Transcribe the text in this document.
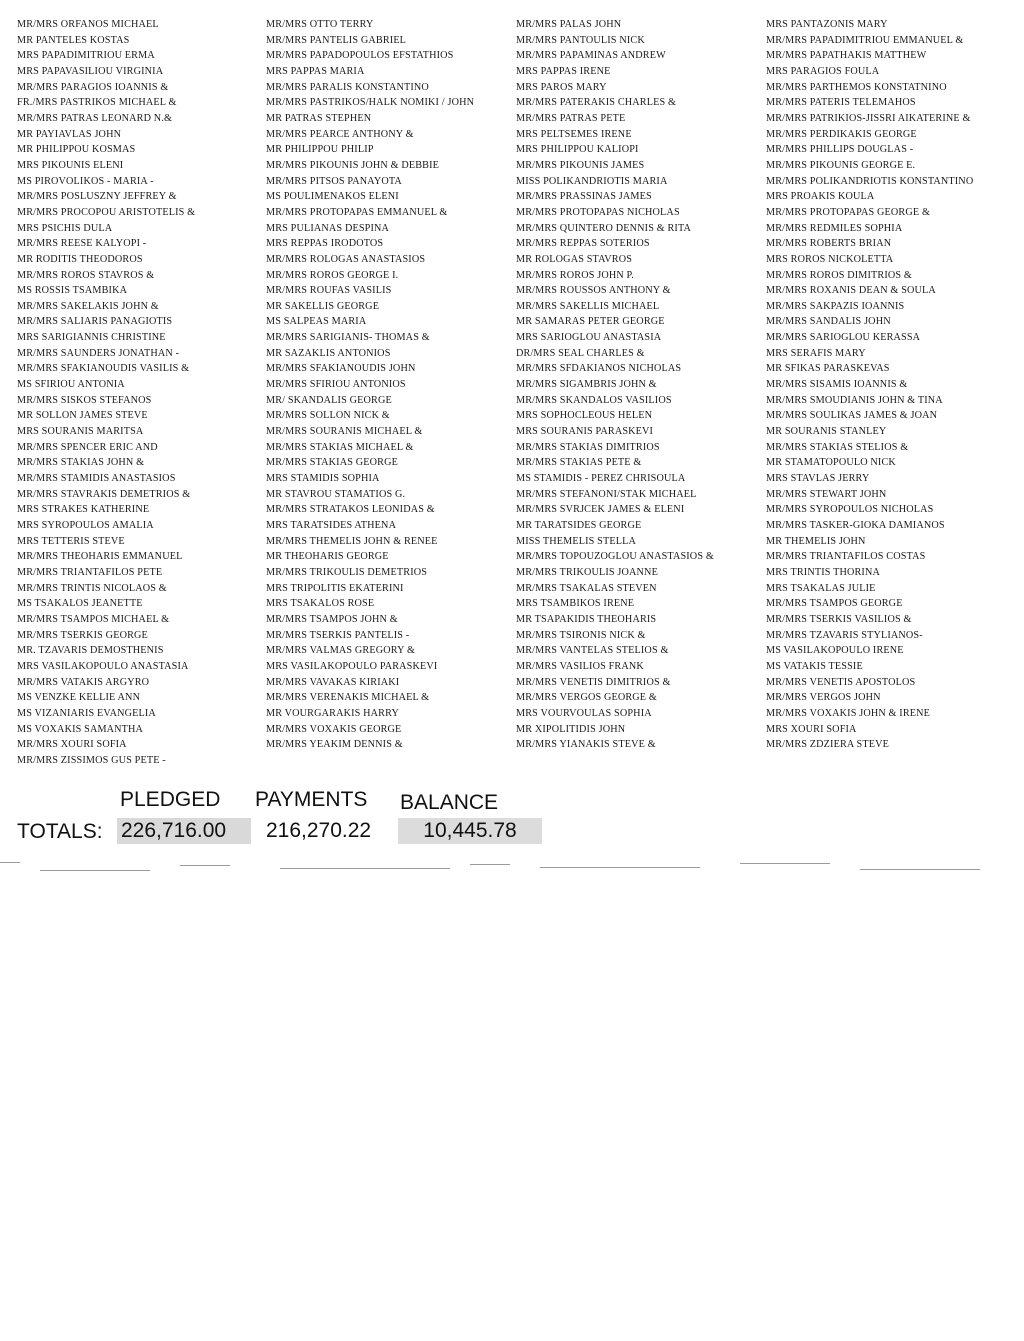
MR/MRS ORFANOS MICHAEL
MR PANTELES KOSTAS
MRS PAPADIMITRIOU ERMA
MRS PAPAVASILIOU VIRGINIA
MR/MRS PARAGIOS IOANNIS &
FR./MRS PASTRIKOS MICHAEL &
MR/MRS PATRAS LEONARD N.&
MR PAYIAVLAS JOHN
MR PHILIPPOU KOSMAS
MRS PIKOUNIS ELENI
MS PIROVOLIKOS - MARIA -
MR/MRS POSLUSZNY JEFFREY &
MR/MRS PROCOPOU ARISTOTELIS &
MRS PSICHIS DULA
MR/MRS REESE KALYOPI -
MR RODITIS THEODOROS
MR/MRS ROROS STAVROS &
MS ROSSIS TSAMBIKA
MR/MRS SAKELAKIS JOHN &
MR/MRS SALIARIS PANAGIOTIS
MRS SARIGIANNIS CHRISTINE
MR/MRS SAUNDERS JONATHAN -
MR/MRS SFAKIANOUDIS VASILIS &
MS SFIRIOU ANTONIA
MR/MRS SISKOS STEFANOS
MR SOLLON JAMES STEVE
MRS SOURANIS MARITSA
MR/MRS SPENCER ERIC AND
MR/MRS STAKIAS JOHN &
MR/MRS STAMIDIS ANASTASIOS
MR/MRS STAVRAKIS DEMETRIOS &
MRS STRAKES KATHERINE
MRS SYROPOULOS AMALIA
MRS TETTERIS STEVE
MR/MRS THEOHARIS EMMANUEL
MR/MRS TRIANTAFILOS PETE
MR/MRS TRINTIS NICOLAOS &
MS TSAKALOS JEANETTE
MR/MRS TSAMPOS MICHAEL &
MR/MRS TSERKIS GEORGE
MR. TZAVARIS DEMOSTHENIS
MRS VASILAKOPOULO ANASTASIA
MR/MRS VATAKIS ARGYRO
MS VENZKE KELLIE ANN
MS VIZANIARIS EVANGELIA
MS VOXAKIS SAMANTHA
MR/MRS XOURI SOFIA
MR/MRS ZISSIMOS GUS PETE -
MR/MRS OTTO TERRY
MR/MRS PANTELIS GABRIEL
MR/MRS PAPADOPOULOS EFSTATHIOS
MRS PAPPAS MARIA
MR/MRS PARALIS KONSTANTINO
MR/MRS PASTRIKOS/HALK NOMIKI / JOHN
MR PATRAS STEPHEN
MR/MRS PEARCE ANTHONY &
MR PHILIPPOU PHILIP
MR/MRS PIKOUNIS JOHN & DEBBIE
MR/MRS PITSOS PANAYOTA
MS POULIMENAKOS ELENI
MR/MRS PROTOPAPAS EMMANUEL &
MRS PULIANAS DESPINA
MRS REPPAS IRODOTOS
MR/MRS ROLOGAS ANASTASIOS
MR/MRS ROROS GEORGE I.
MR/MRS ROUFAS VASILIS
MR SAKELLIS GEORGE
MS SALPEAS MARIA
MR/MRS SARIGIANIS- THOMAS &
MR SAZAKLIS ANTONIOS
MR/MRS SFAKIANOUDIS JOHN
MR/MRS SFIRIOU ANTONIOS
MR/ SKANDALIS GEORGE
MR/MRS SOLLON NICK &
MR/MRS SOURANIS MICHAEL &
MR/MRS STAKIAS MICHAEL &
MR/MRS STAKIAS GEORGE
MRS STAMIDIS SOPHIA
MR STAVROU STAMATIOS G.
MR/MRS STRATAKOS LEONIDAS &
MRS TARATSIDES ATHENA
MR/MRS THEMELIS JOHN & RENEE
MR THEOHARIS GEORGE
MR/MRS TRIKOULIS DEMETRIOS
MRS TRIPOLITIS EKATERINI
MRS TSAKALOS ROSE
MR/MRS TSAMPOS JOHN &
MR/MRS TSERKIS PANTELIS -
MR/MRS VALMAS GREGORY &
MRS VASILAKOPOULO PARASKEVI
MR/MRS VAVAKAS KIRIAKI
MR/MRS VERENAKIS MICHAEL &
MR VOURGARAKIS HARRY
MR/MRS VOXAKIS GEORGE
MR/MRS YEAKIM DENNIS &
MR/MRS PALAS JOHN
MR/MRS PANTOULIS NICK
MR/MRS PAPAMINAS ANDREW
MRS PAPPAS IRENE
MRS PAROS MARY
MR/MRS PATERAKIS CHARLES &
MR/MRS PATRAS PETE
MRS PELTSEMES IRENE
MRS PHILIPPOU KALIOPI
MR/MRS PIKOUNIS JAMES
MISS POLIKANDRIOTIS MARIA
MR/MRS PRASSINAS JAMES
MR/MRS PROTOPAPAS NICHOLAS
MR/MRS QUINTERO DENNIS & RITA
MR/MRS REPPAS SOTERIOS
MR ROLOGAS STAVROS
MR/MRS ROROS JOHN P.
MR/MRS ROUSSOS ANTHONY &
MR/MRS SAKELLIS MICHAEL
MR SAMARAS PETER GEORGE
MRS SARIOGLOU ANASTASIA
DR/MRS SEAL CHARLES &
MR/MRS SFDAKIANOS NICHOLAS
MR/MRS SIGAMBRIS JOHN &
MR/MRS SKANDALOS VASILIOS
MRS SOPHOCLEOUS HELEN
MRS SOURANIS PARASKEVI
MR/MRS STAKIAS DIMITRIOS
MR/MRS STAKIAS PETE &
MS STAMIDIS - PEREZ CHRISOULA
MR/MRS STEFANONI/STAK MICHAEL
MR/MRS SVRJCEK JAMES & ELENI
MR TARATSIDES GEORGE
MISS THEMELIS STELLA
MR/MRS TOPOUZOGLOU ANASTASIOS &
MR/MRS TRIKOULIS JOANNE
MR/MRS TSAKALAS STEVEN
MRS TSAMBIKOS IRENE
MR TSAPAKIDIS THEOHARIS
MR/MRS TSIRONIS NICK &
MR/MRS VANTELAS STELIOS &
MR/MRS VASILIOS FRANK
MR/MRS VENETIS DIMITRIOS &
MR/MRS VERGOS GEORGE &
MRS VOURVOULAS SOPHIA
MR XIPOLITIDIS JOHN
MR/MRS YIANAKIS STEVE &
MRS PANTAZONIS MARY
MR/MRS PAPADIMITRIOU EMMANUEL &
MR/MRS PAPATHAKIS MATTHEW
MRS PARAGIOS FOULA
MR/MRS PARTHEMOS KONSTATNINO
MR/MRS PATERIS TELEMAHOS
MR/MRS PATRIKIOS-JISSRI AIKATERINE &
MR/MRS PERDIKAKIS GEORGE
MR/MRS PHILLIPS DOUGLAS -
MR/MRS PIKOUNIS GEORGE E.
MR/MRS POLIKANDRIOTIS KONSTANTINO
MRS PROAKIS KOULA
MR/MRS PROTOPAPAS GEORGE &
MR/MRS REDMILES SOPHIA
MR/MRS ROBERTS BRIAN
MRS ROROS NICKOLETTA
MR/MRS ROROS DIMITRIOS &
MR/MRS ROXANIS DEAN & SOULA
MR/MRS SAKPAZIS IOANNIS
MR/MRS SANDALIS JOHN
MR/MRS SARIOGLOU KERASSA
MRS SERAFIS MARY
MR SFIKAS PARASKEVAS
MR/MRS SISAMIS IOANNIS &
MR/MRS SMOUDIANIS JOHN & TINA
MR/MRS SOULIKAS JAMES & JOAN
MR SOURANIS STANLEY
MR/MRS STAKIAS STELIOS &
MR STAMATOPOULO NICK
MRS STAVLAS JERRY
MR/MRS STEWART JOHN
MR/MRS SYROPOULOS NICHOLAS
MR/MRS TASKER-GIOKA DAMIANOS
MR THEMELIS JOHN
MR/MRS TRIANTAFILOS COSTAS
MRS TRINTIS THORINA
MRS TSAKALAS JULIE
MR/MRS TSAMPOS GEORGE
MR/MRS TSERKIS VASILIOS &
MR/MRS TZAVARIS STYLIANOS-
MS VASILAKOPOULO IRENE
MS VATAKIS TESSIE
MR/MRS VENETIS APOSTOLOS
MR/MRS VERGOS JOHN
MR/MRS VOXAKIS JOHN & IRENE
MRS XOURI SOFIA
MR/MRS ZDZIERA STEVE
PLEDGED PAYMENTS BALANCE
TOTALS: 226,716.00	216,270.22	10,445.78
